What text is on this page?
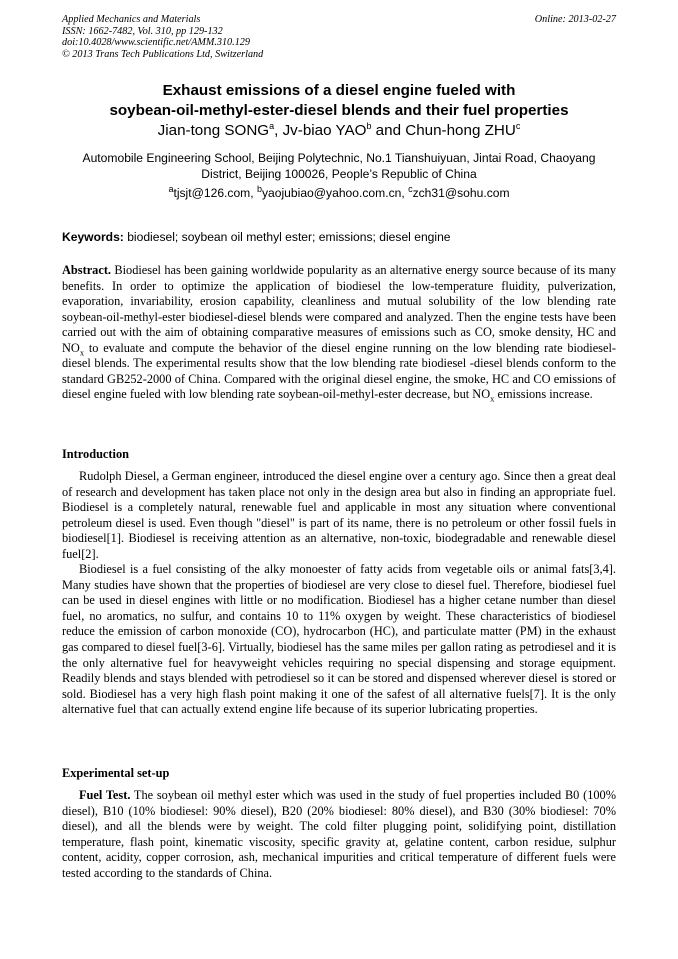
Applied Mechanics and Materials
ISSN: 1662-7482, Vol. 310, pp 129-132
doi:10.4028/www.scientific.net/AMM.310.129
© 2013 Trans Tech Publications Ltd, Switzerland
Online: 2013-02-27
Exhaust emissions of a diesel engine fueled with
soybean-oil-methyl-ester-diesel blends and their fuel properties
Jian-tong SONG$^a$, Jv-biao YAO$^b$ and Chun-hong ZHU$^c$
Automobile Engineering School, Beijing Polytechnic, No.1 Tianshuiyuan, Jintai Road, Chaoyang
District, Beijing 100026, People’s Republic of China
$^a$tjsjt@126.com, $^b$yaojubiao@yahoo.com.cn, $^c$zch31@sohu.com
Keywords: biodiesel; soybean oil methyl ester; emissions; diesel engine

Abstract. Biodiesel has been gaining worldwide popularity as an alternative energy source because of its many benefits. In order to optimize the application of biodiesel the low-temperature fluidity, pulverization, evaporation, invariability, erosion capability, cleanliness and mutual solubility of the low blending rate soybean-oil-methyl-ester biodiesel-diesel blends were compared and analyzed. Then the engine tests have been carried out with the aim of obtaining comparative measures of emissions such as CO, smoke density, HC and $NO_x$ to evaluate and compute the behavior of the diesel engine running on the low blending rate biodiesel-diesel blends. The experimental results show that the low blending rate biodiesel -diesel blends conform to the standard GB252-2000 of China. Compared with the original diesel engine, the smoke, HC and CO emissions of diesel engine fueled with low blending rate soybean-oil-methyl-ester decrease, but $NO_x$ emissions increase.

Introduction

Rudolph Diesel, a German engineer, introduced the diesel engine over a century ago. Since then a great deal of research and development has taken place not only in the design area but also in finding an appropriate fuel. Biodiesel is a completely natural, renewable fuel and applicable in most any situation where conventional petroleum diesel is used. Even though "diesel" is part of its name, there is no petroleum or other fossil fuels in biodiesel[1]. Biodiesel is receiving attention as an alternative, non-toxic, biodegradable and renewable diesel fuel[2].

Biodiesel is a fuel consisting of the alky monoester of fatty acids from vegetable oils or animal fats[3,4]. Many studies have shown that the properties of biodiesel are very close to diesel fuel. Therefore, biodiesel fuel can be used in diesel engines with little or no modification. Biodiesel has a higher cetane number than diesel fuel, no aromatics, no sulfur, and contains 10 to 11% oxygen by weight. These characteristics of biodiesel reduce the emission of carbon monoxide (CO), hydrocarbon (HC), and particulate matter (PM) in the exhaust gas compared to diesel fuel[3-6]. Virtually, biodiesel has the same miles per gallon rating as petrodiesel and it is the only alternative fuel for heavyweight vehicles requiring no special dispensing and storage equipment. Readily blends and stays blended with petrodiesel so it can be stored and dispensed wherever diesel is stored or sold. Biodiesel has a very high flash point making it one of the safest of all alternative fuels[7]. It is the only alternative fuel that can actually extend engine life because of its superior lubricating properties.

Experimental set-up

Fuel Test. The soybean oil methyl ester which was used in the study of fuel properties included B0 (100% diesel), B10 (10% biodiesel: 90% diesel), B20 (20% biodiesel: 80% diesel), and B30 (30% biodiesel: 70% diesel), and all the blends were by weight. The cold filter plugging point, solidifying point, distillation temperature, flash point, kinematic viscosity, specific gravity at, gelatine content, carbon residue, sulphur content, acidity, copper corrosion, ash, mechanical impurities and critical temperature of different fuels were tested according to the standards of China.
